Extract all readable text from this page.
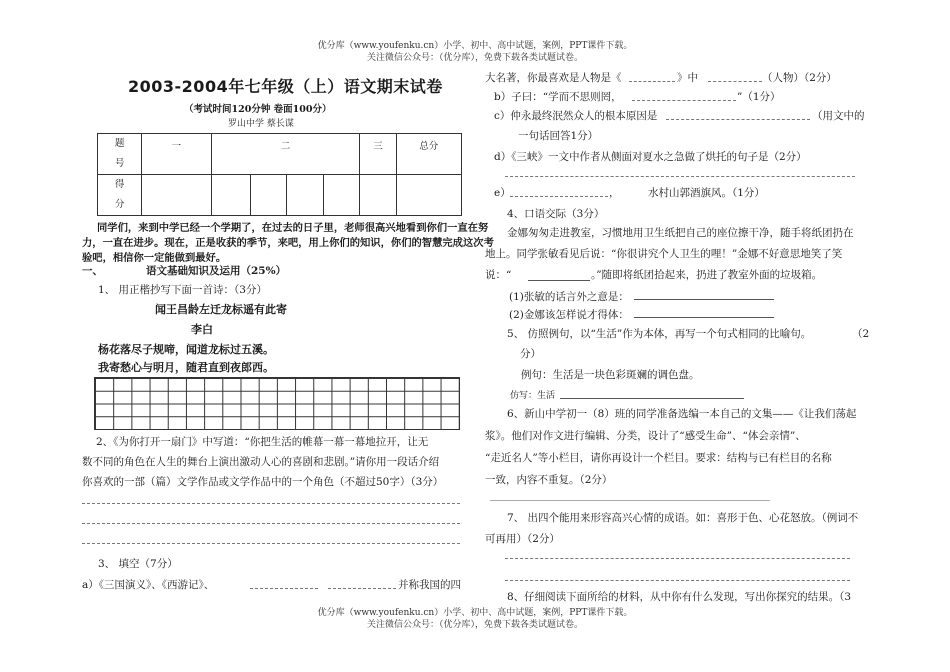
优分库（www.youfenku.cn）小学、初中、高中试题，案例，PPT课件下载。
关注微信公众号：（优分库），免费下载各类试题试卷。
2003-2004年七年级（上）语文期末试卷
（考试时间120分钟 卷面100分）
罗山中学 蔡长谋
题
号	一	二				三	总分
得
分							
同学们，来到中学已经一个学期了，在过去的日子里，老师很高兴地看到你们一直在努
力，一直在进步。现在，正是收获的季节，来吧，用上你们的知识，你们的智慧完成这次考
验吧，相信你一定能做到最好。
一、	语文基础知识及运用（25%）
1、 用正楷抄写下面一首诗：（3分）
闻王昌龄左迁龙标遥有此寄
李白
杨花落尽子规啼，闻道龙标过五溪。
我寄愁心与明月，随君直到夜郎西。
2、《为你打开一扇门》中写道：“你把生活的帷幕一幕一幕地拉开，让无
数不同的角色在人生的舞台上演出激动人心的喜剧和悲剧。”请你用一段话介绍
你喜欢的一部（篇）文学作品或文学作品中的一个角色（不超过50字）（3分）
3、 填空（7分）
a）《三国演义》、《西游记》、	并称我国的四
大名著，你最喜欢是人物是《	》中	（人物）（2分）
b）子曰：“学而不思则罔，	”（1分）
c）仲永最终泯然众人的根本原因是	（用文中的
一句话回答1分）
d）《三峡》一文中作者从侧面对夏水之急做了烘托的句子是（2分）
e）	，	水村山郭酒旗风。（1分）
4、口语交际（3分）
金娜匆匆走进教室，习惯地用卫生纸把自己的座位擦干净，随手将纸团扔在
地上。同学张敏看见后说：“你很讲究个人卫生的哩！”金娜不好意思地笑了笑
说：“	。”随即将纸团拾起来，扔进了教室外面的垃圾箱。
(1)张敏的话言外之意是：
(2)金娜该怎样说才得体：
5、 仿照例句，以“生活”作为本体，再写一个句式相同的比喻句。	（2
分）
例句：生活是一块色彩斑斓的调色盘。
仿写：生活
6、新山中学初一（8）班的同学准备选编一本自己的文集——《让我们荡起
浆》。他们对作文进行编辑、分类，设计了“感受生命”、“体会亲情”、
“走近名人”等小栏目，请你再设计一个栏目。要求：结构与已有栏目的名称
一致，内容不重复。（2分）
7、 出四个能用来形容高兴心情的成语。如：喜形于色、心花怒放。（例词不
可再用）（2分）
8、仔细阅读下面所给的材料，从中你有什么发现，写出你探究的结果。（3
优分库（www.youfenku.cn）小学、初中、高中试题，案例，PPT课件下载。
关注微信公众号：（优分库），免费下载各类试题试卷。
